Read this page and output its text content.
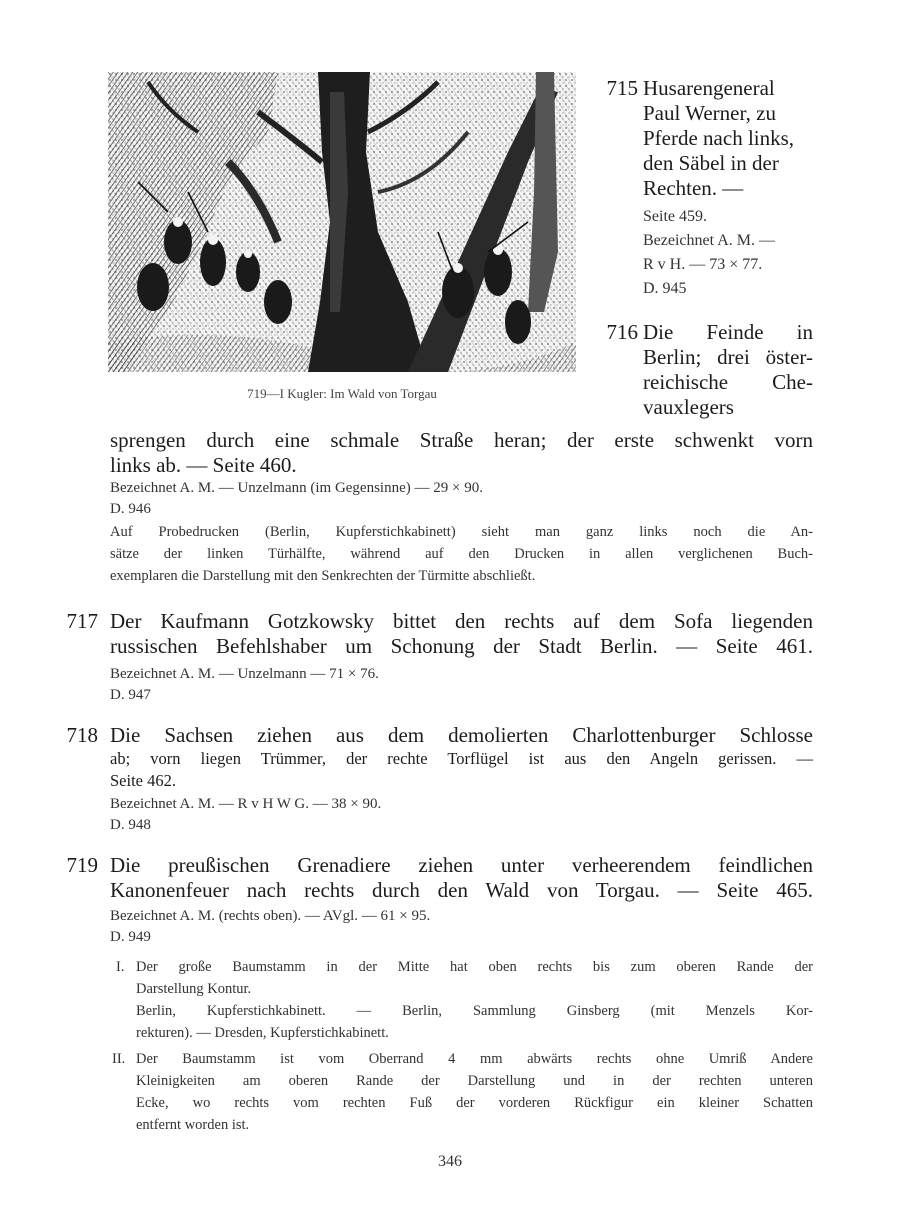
719—I Kugler: Im Wald von Torgau
715 Husarengeneral
Paul Werner, zu
Pferde nach links,
den Säbel in der
Rechten. —
Seite 459.
Bezeichnet A. M. —
R v H. — 73 × 77.
D. 945
716 Die Feinde in
Berlin; drei öster-
reichische Che-
vauxlegers
sprengen durch eine schmale Straße heran; der erste schwenkt vorn
links ab. — Seite 460.
Bezeichnet A. M. — Unzelmann (im Gegensinne) — 29 × 90.
D. 946
Auf Probedrucken (Berlin, Kupferstichkabinett) sieht man ganz links noch die An-
sätze der linken Türhälfte, während auf den Drucken in allen verglichenen Buch-
exemplaren die Darstellung mit den Senkrechten der Türmitte abschließt.
717 Der Kaufmann Gotzkowsky bittet den rechts auf dem Sofa liegenden
russischen Befehlshaber um Schonung der Stadt Berlin. — Seite 461.
Bezeichnet A. M. — Unzelmann — 71 × 76.
D. 947
718 Die Sachsen ziehen aus dem demolierten Charlottenburger Schlosse
ab; vorn liegen Trümmer, der rechte Torflügel ist aus den Angeln gerissen. —
Seite 462.
Bezeichnet A. M. — R v H W G. — 38 × 90.
D. 948
719 Die preußischen Grenadiere ziehen unter verheerendem feindlichen
Kanonenfeuer nach rechts durch den Wald von Torgau. — Seite 465.
Bezeichnet A. M. (rechts oben). — AVgl. — 61 × 95.
D. 949
I. Der große Baumstamm in der Mitte hat oben rechts bis zum oberen Rande der
Darstellung Kontur.
Berlin, Kupferstichkabinett. — Berlin, Sammlung Ginsberg (mit Menzels Kor-
rekturen). — Dresden, Kupferstichkabinett.
II. Der Baumstamm ist vom Oberrand 4 mm abwärts rechts ohne Umriß Andere
Kleinigkeiten am oberen Rande der Darstellung und in der rechten unteren
Ecke, wo rechts vom rechten Fuß der vorderen Rückfigur ein kleiner Schatten
entfernt worden ist.
346
